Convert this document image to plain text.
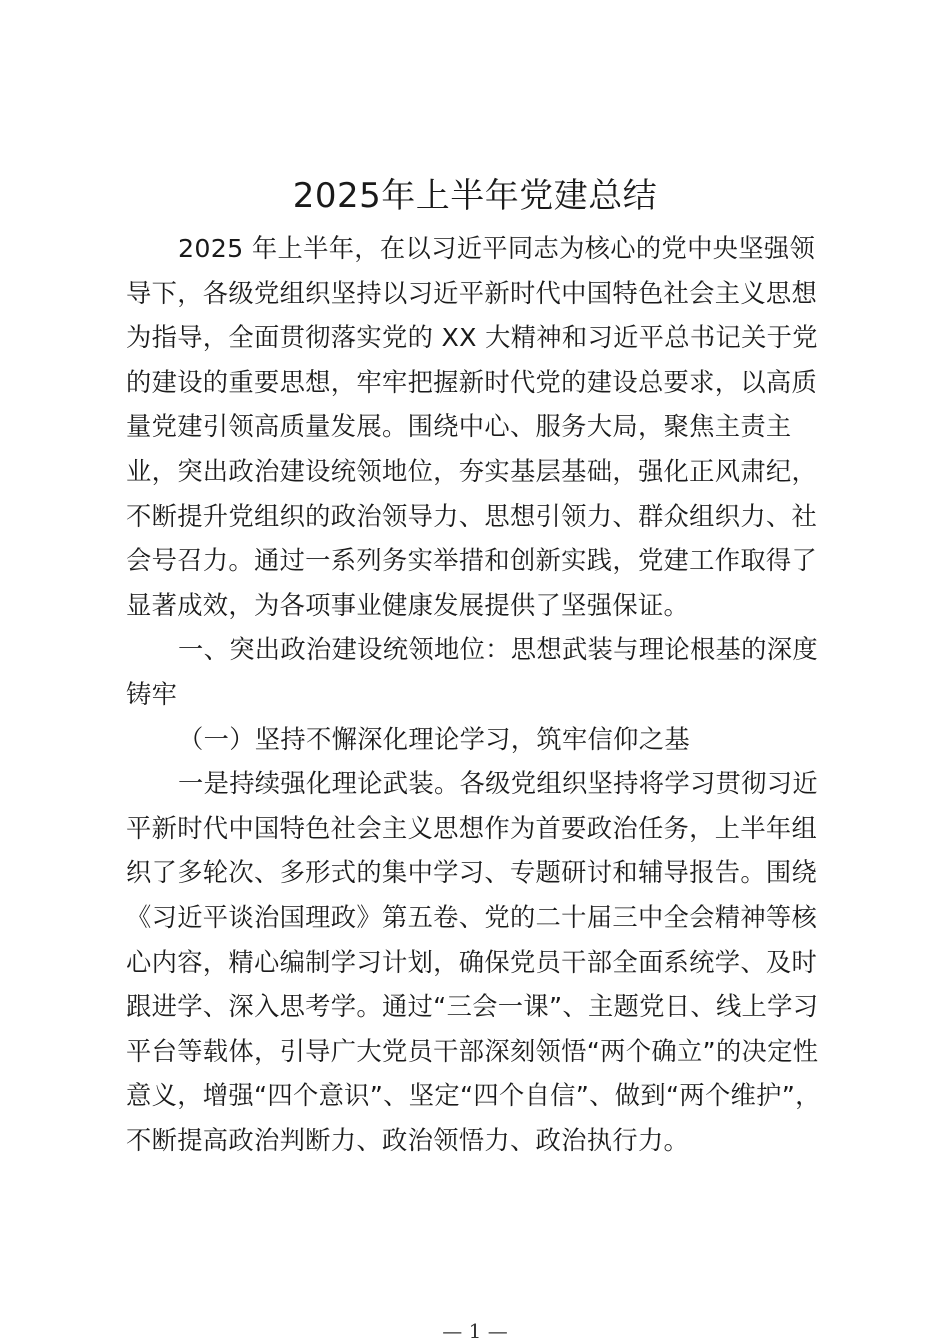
2025年上半年党建总结
2025 年上半年，在以习近平同志为核心的党中央坚强领
导下，各级党组织坚持以习近平新时代中国特色社会主义思想
为指导，全面贯彻落实党的 XX 大精神和习近平总书记关于党
的建设的重要思想，牢牢把握新时代党的建设总要求，以高质
量党建引领高质量发展。围绕中心、服务大局，聚焦主责主
业，突出政治建设统领地位，夯实基层基础，强化正风肃纪，
不断提升党组织的政治领导力、思想引领力、群众组织力、社
会号召力。通过一系列务实举措和创新实践，党建工作取得了
显著成效，为各项事业健康发展提供了坚强保证。
一、突出政治建设统领地位：思想武装与理论根基的深度
铸牢
（一）坚持不懈深化理论学习，筑牢信仰之基
一是持续强化理论武装。各级党组织坚持将学习贯彻习近
平新时代中国特色社会主义思想作为首要政治任务，上半年组
织了多轮次、多形式的集中学习、专题研讨和辅导报告。围绕
《习近平谈治国理政》第五卷、党的二十届三中全会精神等核
心内容，精心编制学习计划，确保党员干部全面系统学、及时
跟进学、深入思考学。通过“三会一课”、主题党日、线上学习
平台等载体，引导广大党员干部深刻领悟“两个确立”的决定性
意义，增强“四个意识”、坚定“四个自信”、做到“两个维护”，
不断提高政治判断力、政治领悟力、政治执行力。
— 1 —
